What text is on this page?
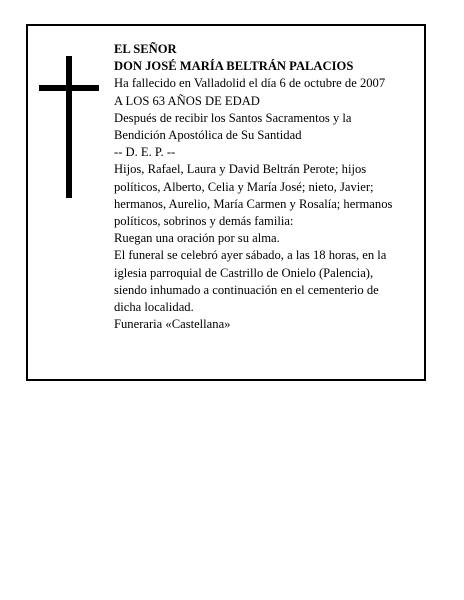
EL SEÑOR
DON JOSÉ MARÍA BELTRÁN PALACIOS
Ha fallecido en Valladolid el día 6 de octubre de 2007
A LOS 63 AÑOS DE EDAD
Después de recibir los Santos Sacramentos y la
Bendición Apostólica de Su Santidad
-- D. E. P. --
Hijos, Rafael, Laura y David Beltrán Perote; hijos
políticos, Alberto, Celia y María José; nieto, Javier;
hermanos, Aurelio, María Carmen y Rosalía; hermanos
políticos, sobrinos y demás familia:
Ruegan una oración por su alma.
El funeral se celebró ayer sábado, a las 18 horas, en la
iglesia parroquial de Castrillo de Onielo (Palencia),
siendo inhumado a continuación en el cementerio de
dicha localidad.
Funeraria «Castellana»
